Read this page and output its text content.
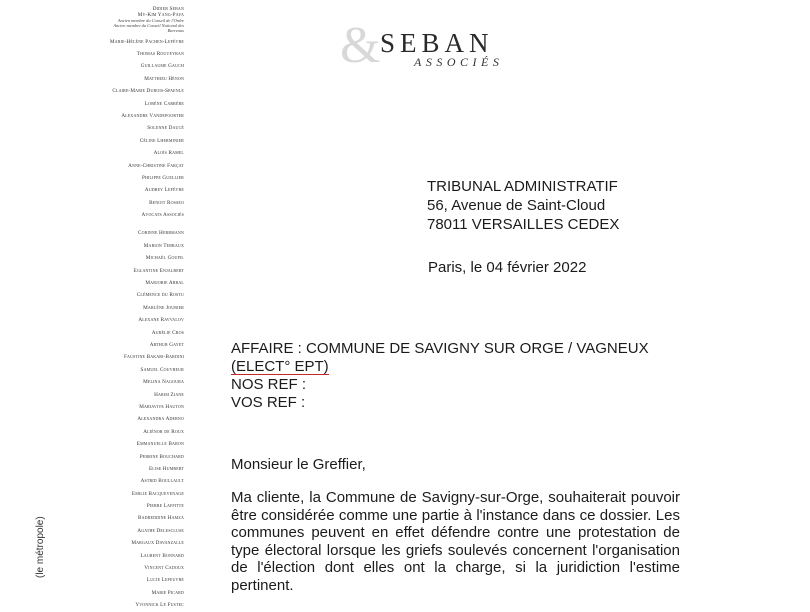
Didier Seban
My-Kim Yang-Paya
Ancien membre du Conseil de l'Ordre
Ancien membre du Conseil National des
Barreaux
Marie-Hélène Pachen-Lefèvre
Thomas Rouveyran
Guillaume Gauch
Matthieu Hénon
Claire-Marie Dubois-Spaenle
Lorène Carrère
Alexandre Vandepoorter
Solenne Daucé
Céline Lherminier
Aloïs Ramel
Anne-Christine Farçat
Philippe Guellier
Audrey Lefèvre
Benoit Rosseo
Avocats Associés
Corinne Herrmann
Marion Terraux
Michaël Goupil
Eglantine Enjalbert
Marjorie Abbal
Clémence du Rostu
Marlène Joubier
Alexane Ravvalov
Aurélie Cros
Arthur Gayet
Faustine Bakari-Bardini
Samuel Couvreur
Melina Nagoura
Harim Ziane
Mariavive Hauton
Alexandra Aderno
Aliénor de Roux
Emmanuelle Baron
Perrine Bouchard
Elise Humbert
Astrid Boullault
Emilie Bacquevenage
Pierre Laffitte
Badreddine Hamza
Agathe Delescluse
Margaux Davanzalle
Laurent Bonnard
Vincent Cadoux
Lucie Lefeuvre
Marie Picard
Yvonnick Le Fustec
(le métropole)
& SEBAN
ASSOCIÉS
TRIBUNAL ADMINISTRATIF
56, Avenue de Saint-Cloud
78011 VERSAILLES CEDEX
Paris, le 04 février 2022
AFFAIRE : COMMUNE DE SAVIGNY SUR ORGE / VAGNEUX
(ELECT° EPT)
NOS REF :
VOS REF :
Monsieur le Greffier,
Ma cliente, la Commune de Savigny-sur-Orge, souhaiterait pouvoir être considérée comme une partie à l'instance dans ce dossier. Les communes peuvent en effet défendre contre une protestation de type électoral lorsque les griefs soulevés concernent l'organisation de l'élection dont elles ont la charge, si la juridiction l'estime pertinent.
